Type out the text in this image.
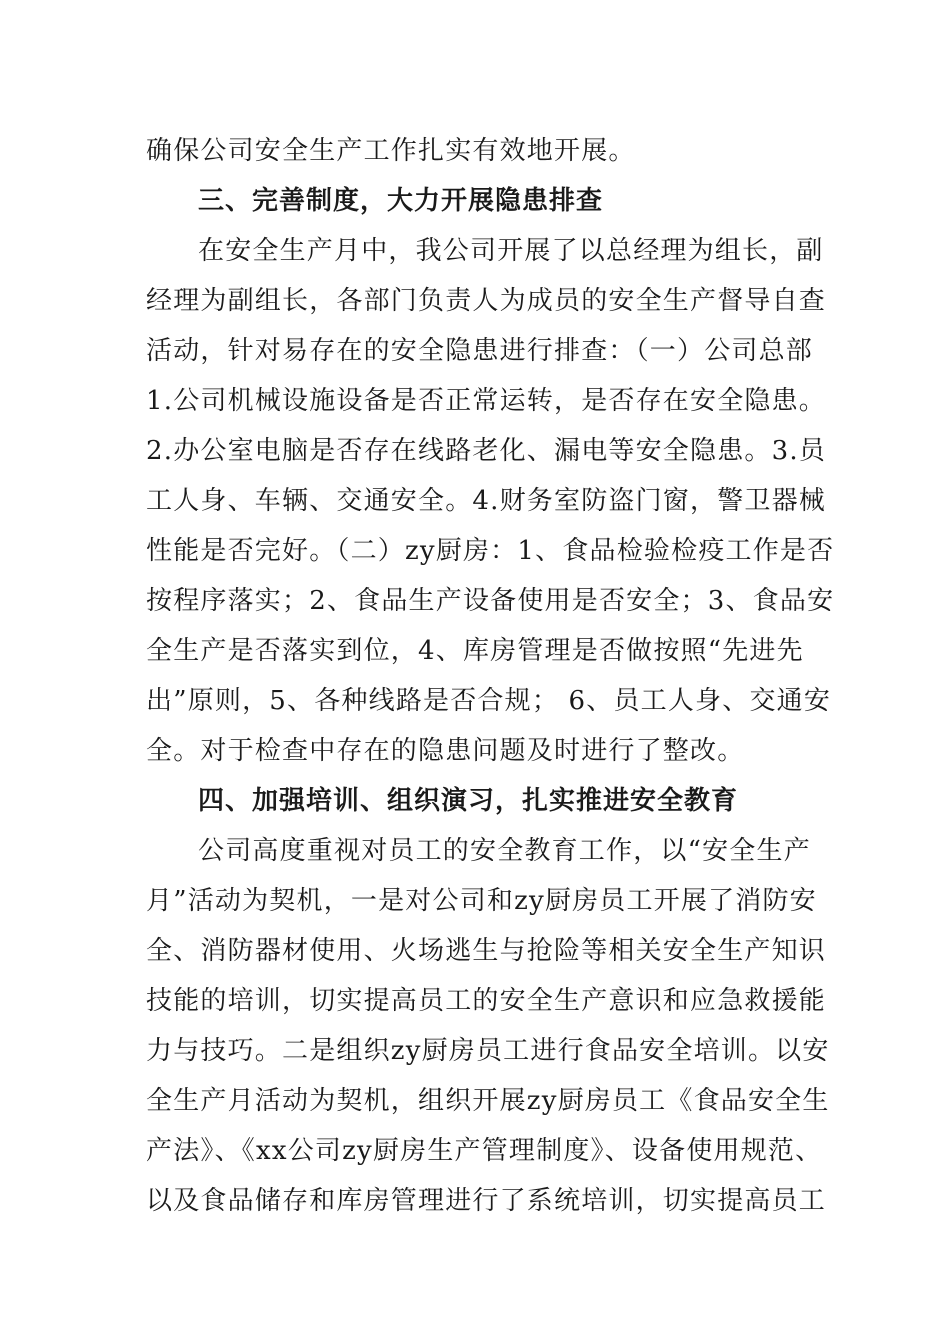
确保公司安全生产工作扎实有效地开展。
三、完善制度，大力开展隐患排查
在安全生产月中，我公司开展了以总经理为组长，副
经理为副组长，各部门负责人为成员的安全生产督导自查
活动，针对易存在的安全隐患进行排查：（一）公司总部
1.公司机械设施设备是否正常运转，是否存在安全隐患。
2.办公室电脑是否存在线路老化、漏电等安全隐患。3.员
工人身、车辆、交通安全。4.财务室防盗门窗，警卫器械
性能是否完好。（二）zy厨房：1、食品检验检疫工作是否
按程序落实；2、食品生产设备使用是否安全；3、食品安
全生产是否落实到位，4、库房管理是否做按照“先进先
出”原则，5、各种线路是否合规； 6、员工人身、交通安
全。对于检查中存在的隐患问题及时进行了整改。
四、加强培训、组织演习，扎实推进安全教育
公司高度重视对员工的安全教育工作，以“安全生产
月”活动为契机，一是对公司和zy厨房员工开展了消防安
全、消防器材使用、火场逃生与抢险等相关安全生产知识
技能的培训，切实提高员工的安全生产意识和应急救援能
力与技巧。二是组织zy厨房员工进行食品安全培训。以安
全生产月活动为契机，组织开展zy厨房员工《食品安全生
产法》、《xx公司zy厨房生产管理制度》、设备使用规范、
以及食品储存和库房管理进行了系统培训，切实提高员工
